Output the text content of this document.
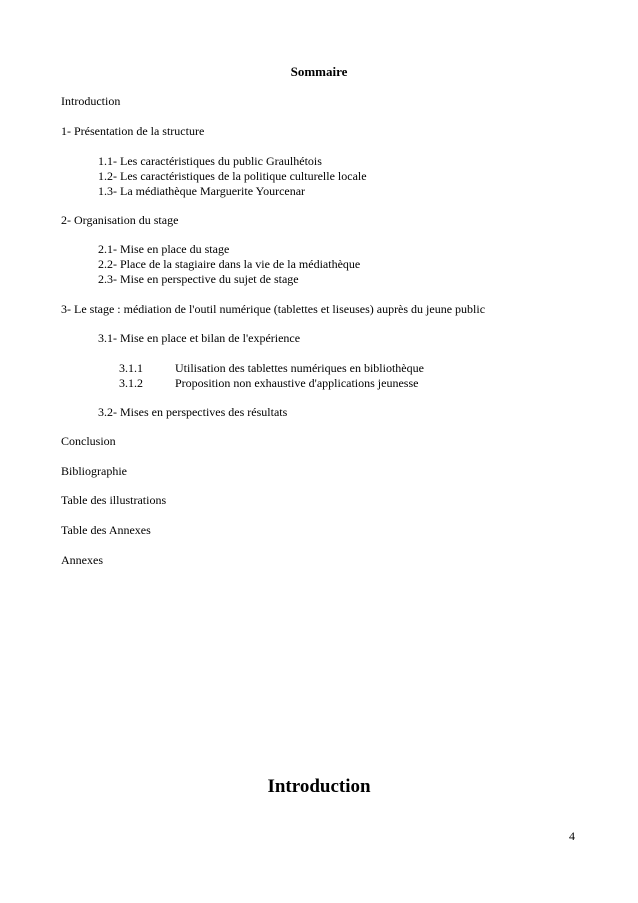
Sommaire
Introduction
1- Présentation de la structure
1.1- Les caractéristiques du public Graulhétois
1.2- Les caractéristiques de la politique culturelle locale
1.3- La médiathèque Marguerite Yourcenar
2- Organisation du stage
2.1- Mise en place du stage
2.2- Place de la stagiaire dans la vie de la médiathèque
2.3- Mise en perspective du sujet de stage
3- Le stage : médiation de l'outil numérique (tablettes et liseuses) auprès du jeune public
3.1- Mise en place et bilan de l'expérience
3.1.1	Utilisation des tablettes numériques en bibliothèque
3.1.2	Proposition non exhaustive d'applications jeunesse
3.2- Mises en perspectives des résultats
Conclusion
Bibliographie
Table des illustrations
Table des Annexes
Annexes
Introduction
4
